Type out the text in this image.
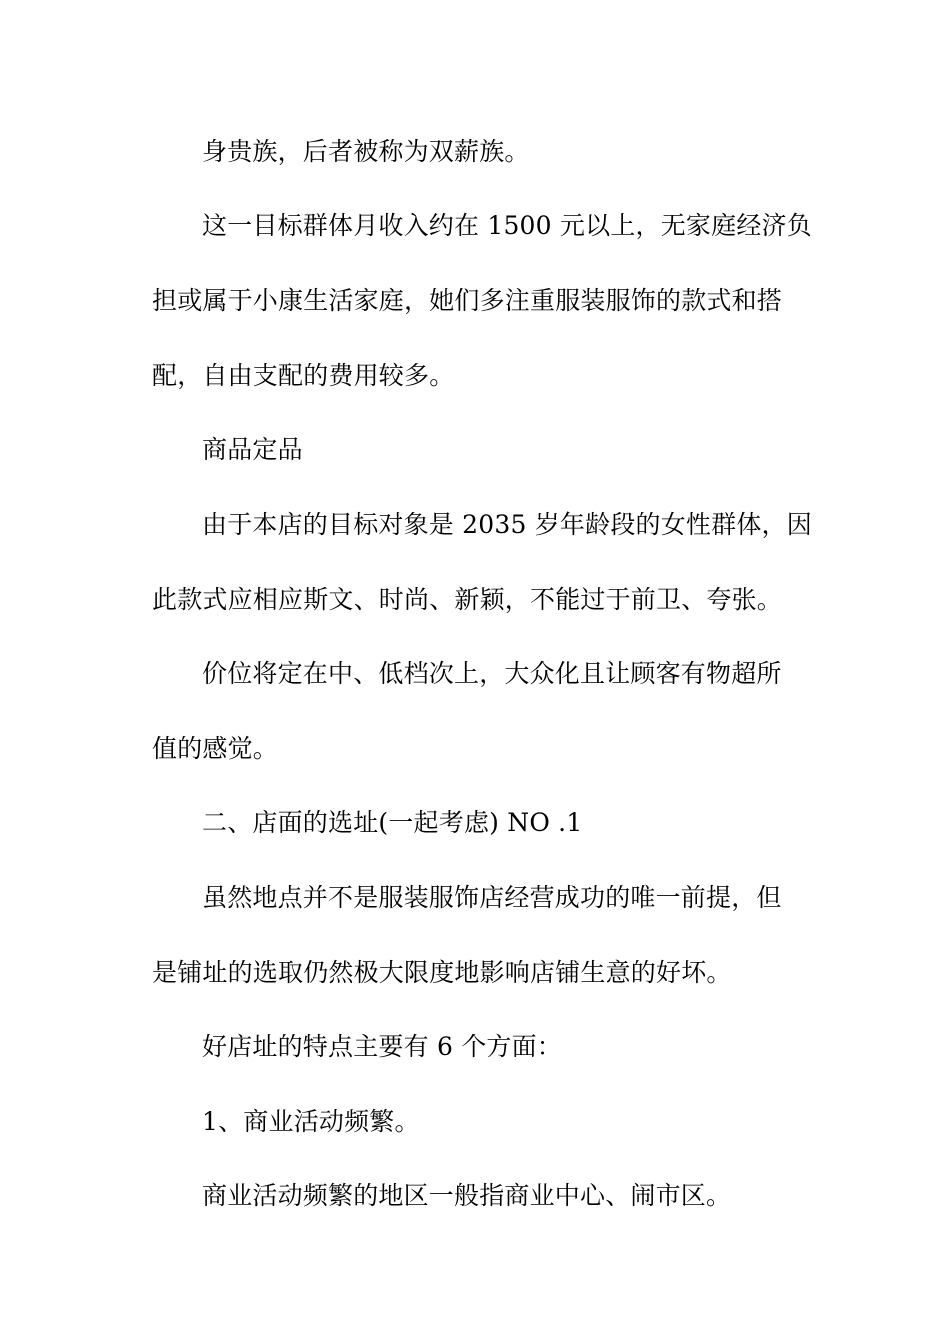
身贵族，后者被称为双薪族。
这一目标群体月收入约在 1500 元以上，无家庭经济负
担或属于小康生活家庭，她们多注重服装服饰的款式和搭
配，自由支配的费用较多。
商品定品
由于本店的目标对象是 2035 岁年龄段的女性群体，因
此款式应相应斯文、时尚、新颖，不能过于前卫、夸张。
价位将定在中、低档次上，大众化且让顾客有物超所
值的感觉。
二、店面的选址(一起考虑) NO .1
虽然地点并不是服装服饰店经营成功的唯一前提，但
是铺址的选取仍然极大限度地影响店铺生意的好坏。
好店址的特点主要有 6 个方面：
1、商业活动频繁。
商业活动频繁的地区一般指商业中心、闹市区。
